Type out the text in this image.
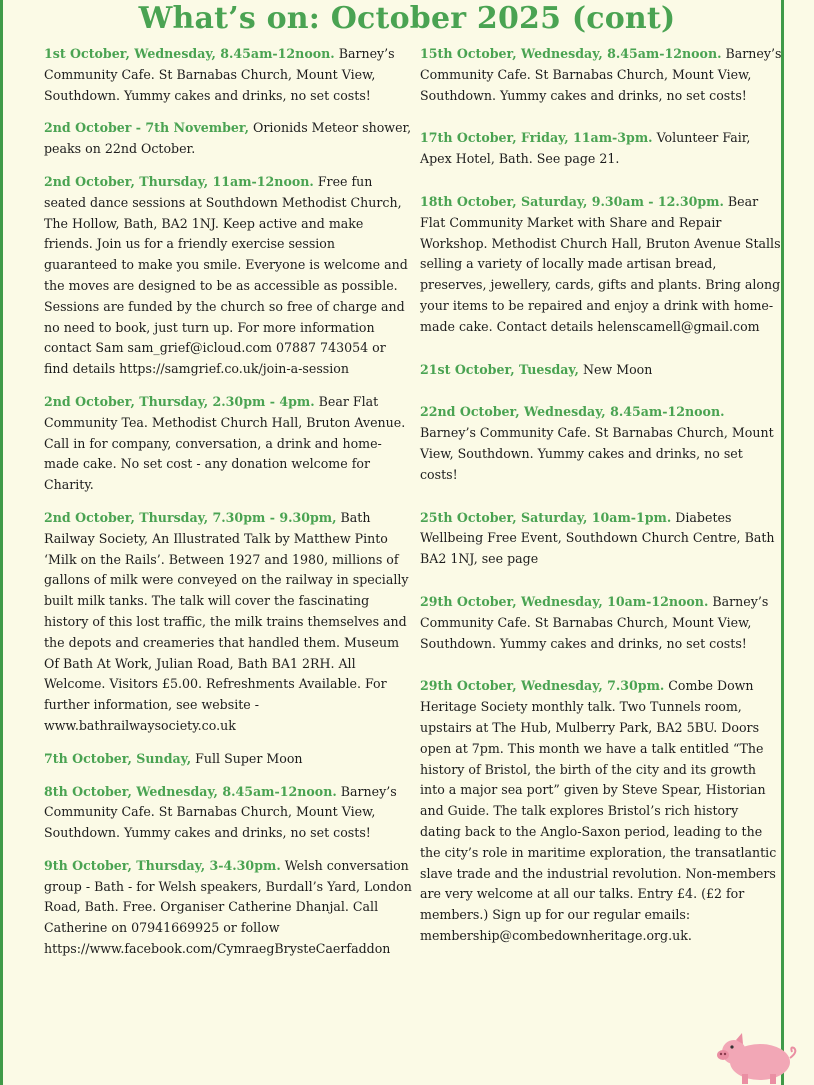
What’s on: October 2025 (cont)

1st October, Wednesday, 8.45am-12noon. Barney’s Community Cafe. St Barnabas Church, Mount View, Southdown. Yummy cakes and drinks, no set costs!

2nd October - 7th November, Orionids Meteor shower, peaks on 22nd October.

2nd October, Thursday, 11am-12noon. Free fun seated dance sessions at Southdown Methodist Church, The Hollow, Bath, BA2 1NJ. Keep active and make friends. Join us for a friendly exercise session guaranteed to make you smile. Everyone is welcome and the moves are designed to be as accessible as possible. Sessions are funded by the church so free of charge and no need to book, just turn up. For more information contact Sam sam_grief@icloud.com 07887 743054 or find details https://samgrief.co.uk/join-a-session

2nd October, Thursday, 2.30pm - 4pm. Bear Flat Community Tea. Methodist Church Hall, Bruton Avenue. Call in for company, conversation, a drink and home-made cake. No set cost - any donation welcome for Charity.

2nd October, Thursday, 7.30pm - 9.30pm, Bath Railway Society, An Illustrated Talk by Matthew Pinto ‘Milk on the Rails’. Between 1927 and 1980, millions of gallons of milk were conveyed on the railway in specially built milk tanks. The talk will cover the fascinating history of this lost traffic, the milk trains themselves and the depots and creameries that handled them. Museum Of Bath At Work, Julian Road, Bath BA1 2RH. All Welcome. Visitors £5.00. Refreshments Available. For further information, see website - www.bathrailwaysociety.co.uk

7th October, Sunday, Full Super Moon

8th October, Wednesday, 8.45am-12noon. Barney’s Community Cafe. St Barnabas Church, Mount View, Southdown. Yummy cakes and drinks, no set costs!

9th October, Thursday, 3-4.30pm. Welsh conversation group - Bath - for Welsh speakers, Burdall’s Yard, London Road, Bath. Free. Organiser Catherine Dhanjal. Call Catherine on 07941669925 or follow https://www.facebook.com/CymraegBrysteCaerfaddon

15th October, Wednesday, 8.45am-12noon. Barney’s Community Cafe. St Barnabas Church, Mount View, Southdown. Yummy cakes and drinks, no set costs!

17th October, Friday, 11am-3pm. Volunteer Fair, Apex Hotel, Bath. See page 21.

18th October, Saturday, 9.30am - 12.30pm. Bear Flat Community Market with Share and Repair Workshop. Methodist Church Hall, Bruton Avenue Stalls selling a variety of locally made artisan bread, preserves, jewellery, cards, gifts and plants. Bring along your items to be repaired and enjoy a drink with home-made cake. Contact details helenscamell@gmail.com

21st October, Tuesday, New Moon

22nd October, Wednesday, 8.45am-12noon. Barney’s Community Cafe. St Barnabas Church, Mount View, Southdown. Yummy cakes and drinks, no set costs!

25th October, Saturday, 10am-1pm. Diabetes Wellbeing Free Event, Southdown Church Centre, Bath BA2 1NJ, see page

29th October, Wednesday, 10am-12noon. Barney’s Community Cafe. St Barnabas Church, Mount View, Southdown. Yummy cakes and drinks, no set costs!

29th October, Wednesday, 7.30pm. Combe Down Heritage Society monthly talk. Two Tunnels room, upstairs at The Hub, Mulberry Park, BA2 5BU. Doors open at 7pm. This month we have a talk entitled “The history of Bristol, the birth of the city and its growth into a major sea port” given by Steve Spear, Historian and Guide. The talk explores Bristol’s rich history dating back to the Anglo-Saxon period, leading to the the city’s role in maritime exploration, the transatlantic slave trade and the industrial revolution. Non-members are very welcome at all our talks. Entry £4. (£2 for members.) Sign up for our regular emails: membership@combedownheritage.org.uk.
